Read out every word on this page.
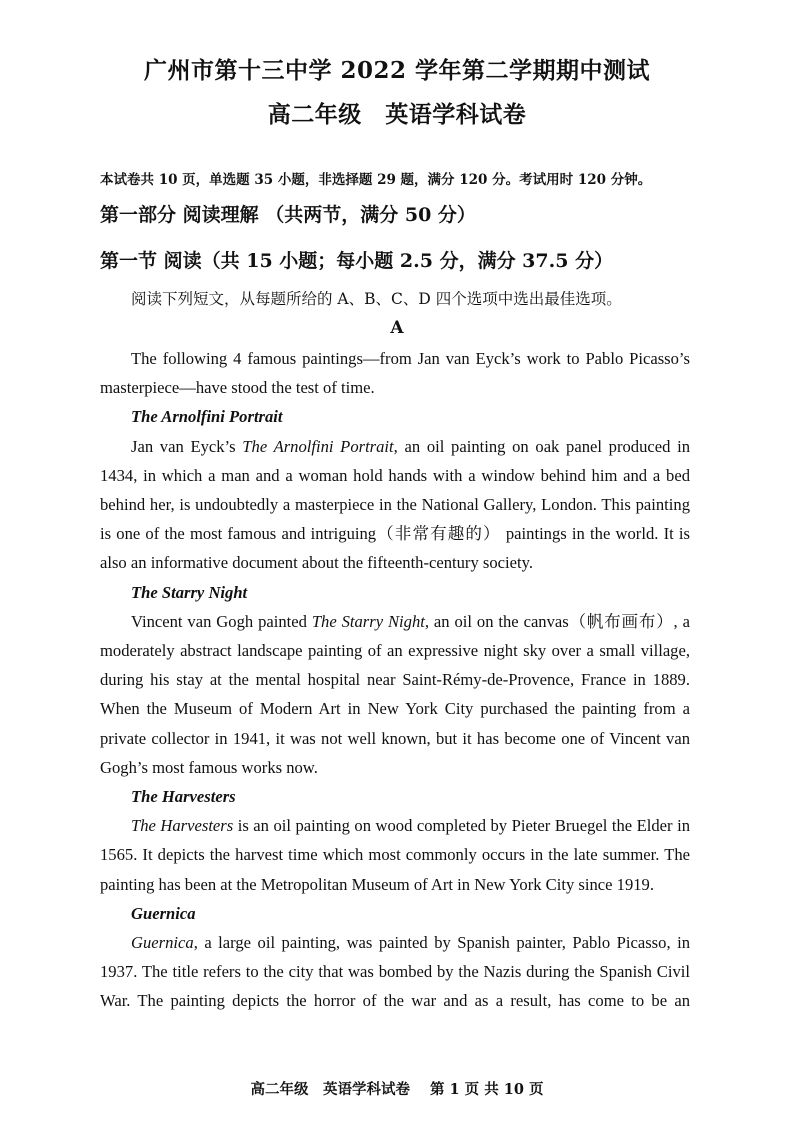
广州市第十三中学 2022 学年第二学期期中测试
高二年级　英语学科试卷
本试卷共 10 页，单选题 35 小题，非选择题 29 题，满分 120 分。考试用时 120 分钟。
第一部分 阅读理解 （共两节，满分 50 分）
第一节 阅读（共 15 小题；每小题 2.5 分，满分 37.5 分）
阅读下列短文，从每题所给的 A、B、C、D 四个选项中选出最佳选项。
A

The following 4 famous paintings—from Jan van Eyck’s work to Pablo Picasso’s masterpiece—have stood the test of time.

The Arnolfini Portrait

Jan van Eyck’s The Arnolfini Portrait, an oil painting on oak panel produced in 1434, in which a man and a woman hold hands with a window behind him and a bed behind her, is undoubtedly a masterpiece in the National Gallery, London. This painting is one of the most famous and intriguing（非常有趣的） paintings in the world. It is also an informative document about the fifteenth-century society.

The Starry Night

Vincent van Gogh painted The Starry Night, an oil on the canvas（帆布画布）, a moderately abstract landscape painting of an expressive night sky over a small village, during his stay at the mental hospital near Saint-Rémy-de-Provence, France in 1889. When the Museum of Modern Art in New York City purchased the painting from a private collector in 1941, it was not well known, but it has become one of Vincent van Gogh’s most famous works now.

The Harvesters

The Harvesters is an oil painting on wood completed by Pieter Bruegel the Elder in 1565. It depicts the harvest time which most commonly occurs in the late summer. The painting has been at the Metropolitan Museum of Art in New York City since 1919.

Guernica

Guernica, a large oil painting, was painted by Spanish painter, Pablo Picasso, in 1937. The title refers to the city that was bombed by the Nazis during the Spanish Civil War. The painting depicts the horror of the war and as a result, has come to be an

高二年级　英语学科试卷 第 1 页 共 10 页
